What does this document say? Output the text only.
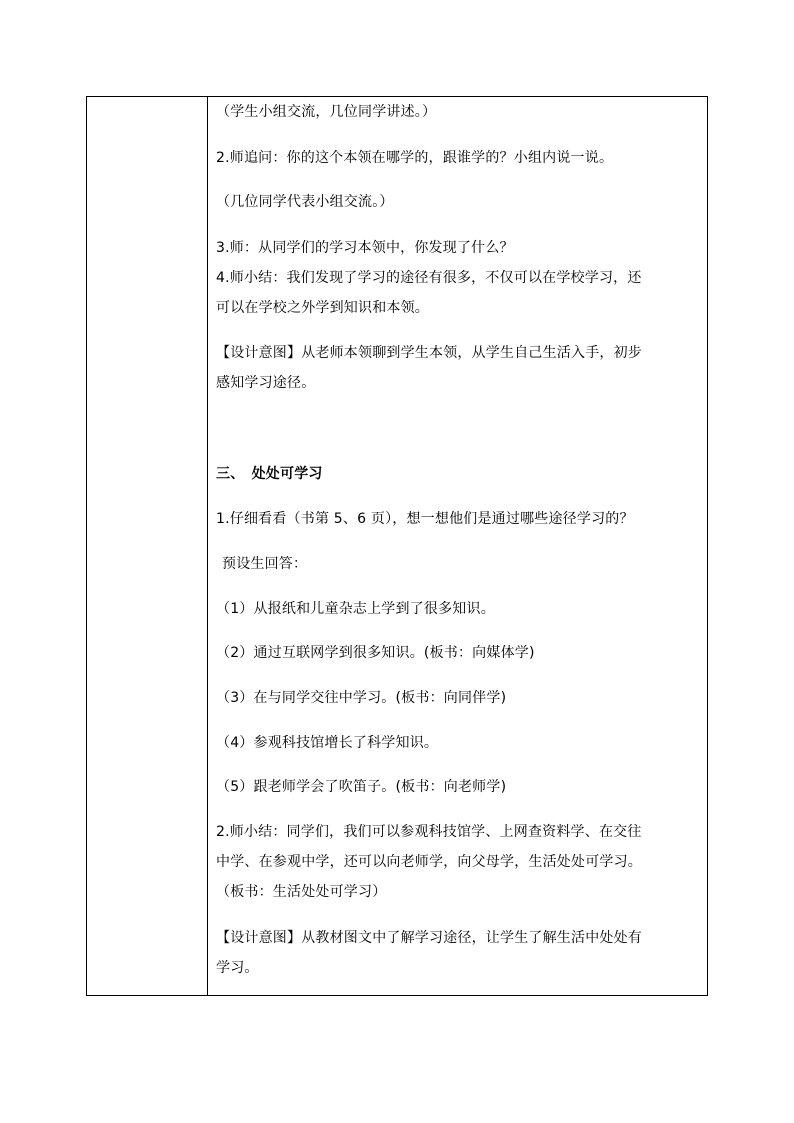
（学生小组交流，几位同学讲述。）
2.师追问：你的这个本领在哪学的，跟谁学的？小组内说一说。
（几位同学代表小组交流。）
3.师：从同学们的学习本领中，你发现了什么？
4.师小结：我们发现了学习的途径有很多，不仅可以在学校学习，还
可以在学校之外学到知识和本领。
【设计意图】从老师本领聊到学生本领，从学生自己生活入手，初步
感知学习途径。
三、　处处可学习
1.仔细看看（书第 5、6 页），想一想他们是通过哪些途径学习的？
预设生回答：
（1）从报纸和儿童杂志上学到了很多知识。
（2）通过互联网学到很多知识。(板书：向媒体学)
（3）在与同学交往中学习。(板书：向同伴学)
（4）参观科技馆增长了科学知识。
（5）跟老师学会了吹笛子。(板书：向老师学)
2.师小结：同学们，我们可以参观科技馆学、上网查资料学、在交往
中学、在参观中学，还可以向老师学，向父母学，生活处处可学习。
（板书：生活处处可学习）
【设计意图】从教材图文中了解学习途径，让学生了解生活中处处有
学习。
